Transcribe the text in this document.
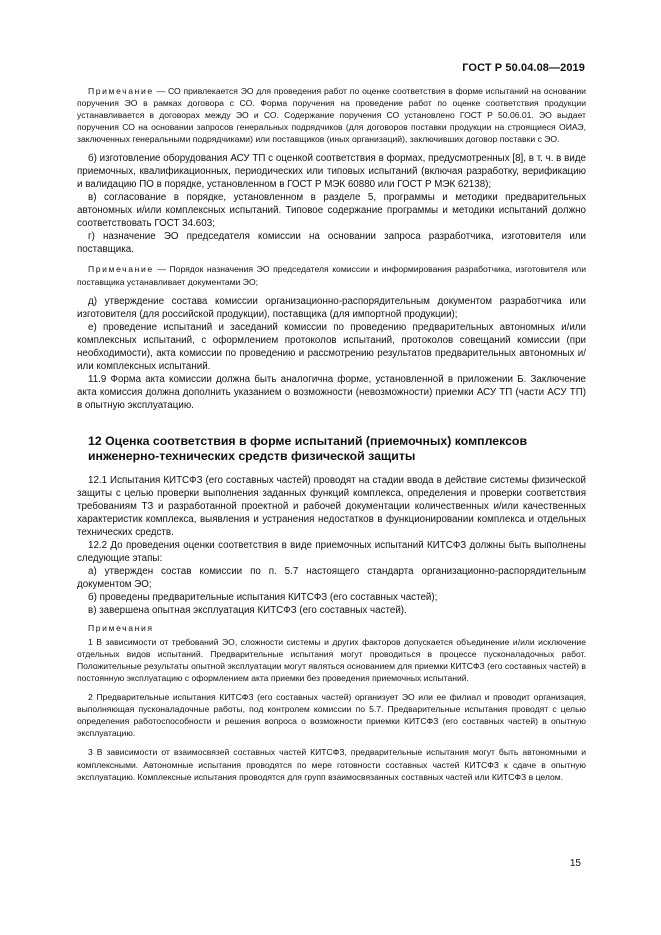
ГОСТ Р 50.04.08—2019

Примечание — СО привлекается ЭО для проведения работ по оценке соответствия в форме испытаний на основании поручения ЭО в рамках договора с СО. Форма поручения на проведение работ по оценке соответствия продукции устанавливается в договорах между ЭО и СО. Содержание поручения СО установлено ГОСТ Р 50.06.01. ЭО выдает поручения СО на основании запросов генеральных подрядчиков (для договоров поставки продукции на строящиеся ОИАЭ, заключенных генеральными подрядчиками) или поставщиков (иных организаций), заключивших договор поставки с ЭО.

б) изготовление оборудования АСУ ТП с оценкой соответствия в формах, предусмотренных [8], в т. ч. в виде приемочных, квалификационных, периодических или типовых испытаний (включая разработку, верификацию и валидацию ПО в порядке, установленном в ГОСТ Р МЭК 60880 или ГОСТ Р МЭК 62138);

в) согласование в порядке, установленном в разделе 5, программы и методики предварительных автономных и/или комплексных испытаний. Типовое содержание программы и методики испытаний должно соответствовать ГОСТ 34.603;

г) назначение ЭО председателя комиссии на основании запроса разработчика, изготовителя или поставщика.

Примечание — Порядок назначения ЭО председателя комиссии и информирования разработчика, изготовителя или поставщика устанавливает документами ЭО;

д) утверждение состава комиссии организационно-распорядительным документом разработчика или изготовителя (для российской продукции), поставщика (для импортной продукции);

е) проведение испытаний и заседаний комиссии по проведению предварительных автономных и/или комплексных испытаний, с оформлением протоколов испытаний, протоколов совещаний комиссии (при необходимости), акта комиссии по проведению и рассмотрению результатов предварительных автономных и/или комплексных испытаний.

11.9 Форма акта комиссии должна быть аналогична форме, установленной в приложении Б. Заключение акта комиссия должна дополнить указанием о возможности (невозможности) приемки АСУ ТП (части АСУ ТП) в опытную эксплуатацию.

12 Оценка соответствия в форме испытаний (приемочных) комплексов инженерно-технических средств физической защиты

12.1 Испытания КИТСФЗ (его составных частей) проводят на стадии ввода в действие системы физической защиты с целью проверки выполнения заданных функций комплекса, определения и проверки соответствия требованиям ТЗ и разработанной проектной и рабочей документации количественных и/или качественных характеристик комплекса, выявления и устранения недостатков в функционировании комплекса и отдельных технических средств.

12.2 До проведения оценки соответствия в виде приемочных испытаний КИТСФЗ должны быть выполнены следующие этапы:

а) утвержден состав комиссии по п. 5.7 настоящего стандарта организационно-распорядительным документом ЭО;

б) проведены предварительные испытания КИТСФЗ (его составных частей);

в) завершена опытная эксплуатация КИТСФЗ (его составных частей).

Примечания

1 В зависимости от требований ЭО, сложности системы и других факторов допускается объединение и/или исключение отдельных видов испытаний. Предварительные испытания могут проводиться в процессе пусконаладочных работ. Положительные результаты опытной эксплуатации могут являться основанием для приемки КИТСФЗ (его составных частей) в постоянную эксплуатацию с оформлением акта приемки без проведения приемочных испытаний.

2 Предварительные испытания КИТСФЗ (его составных частей) организует ЭО или ее филиал и проводит организация, выполняющая пусконаладочные работы, под контролем комиссии по 5.7. Предварительные испытания проводят с целью определения работоспособности и решения вопроса о возможности приемки КИТСФЗ (его составных частей) в опытную эксплуатацию.

3 В зависимости от взаимосвязей составных частей КИТСФЗ, предварительные испытания могут быть автономными и комплексными. Автономные испытания проводятся по мере готовности составных частей КИТСФЗ к сдаче в опытную эксплуатацию. Комплексные испытания проводятся для групп взаимосвязанных составных частей или КИТСФЗ в целом.

15
